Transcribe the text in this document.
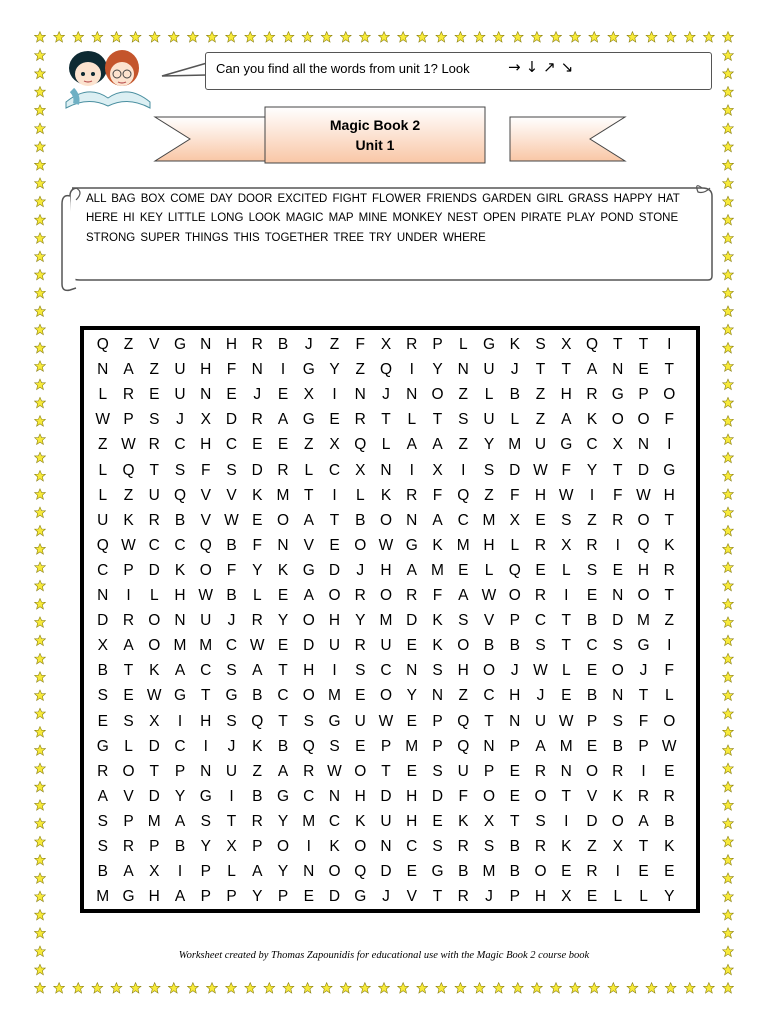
Can you find all the words from unit 1? Look	→↓↗↘
Magic Book 2
Unit 1
ALL BAG BOX COME DAY DOOR EXCITED FIGHT FLOWER FRIENDS GARDEN GIRL GRASS HAPPY HAT HERE HI KEY LITTLE LONG LOOK MAGIC MAP MINE MONKEY NEST OPEN PIRATE PLAY POND STONE STRONG SUPER THINGS THIS TOGETHER TREE TRY UNDER WHERE
Q Z	V G N H R B	J	Z	F	X R P	L G K S X Q T	T	I
N A	Z U H F N	I	G Y	Z Q	I	Y N U	J	T	T	A N E	T
L	R E U N E	J	E X	I	N	J	N O Z	L	B	Z H R G P O
W P S	J	X D R A G E R T	L	T	S U	L	Z	A K O O F
Z W R C H C E E	Z	X Q L	A A	Z	Y M U G C X N	I
L Q T	S	F	S D R	L	C X N	I	X	I	S D W F	Y	T D G
L	Z U Q V V K M T	I	L	K R F Q Z	F H W	I	F W H
U K R B V W E O A	T	B O N A C M X E S	Z R O T
Q W C C Q B	F N V E O W G K M H	L	R X R	I	Q K
C P D K O F	Y K G D	J	H A M E	L Q E	L	S E H R
N	I	L	H W B	L	E A O R O R F	A W O R	I	E N O T
D R O N U	J	R Y O H Y M D K S V P C T	B D M Z
X A O M M C W E D U R U E K O B B S	T C S G	I
B	T	K A C S A	T H	I	S C N S H O	J W L	E O	J	F
S E W G T G B C O M E O Y N Z C H	J	E B N T	L
E S X	I	H S Q T	S G U W E P Q T N U W P S	F O
G L	D C	I	J	K B Q S E P M P Q N P A M E B P W
R O T	P N U Z	A R W O T	E S U P E R N O R	I	E
A V D Y G	I	B G C N H D H D F O E O T	V K R R
S P M A S	T R Y M C K U H E K X	T	S	I	D O A B
S R P B Y X P O	I	K O N C S R S B R K	Z	X	T	K
B A X	I	P	L	A Y N O Q D E G B M B O E R	I	E E
M G H A P P Y P E D G	J	V	T R	J	P H X E	L	L	Y
Worksheet created by Thomas Zapounidis for educational use with the Magic Book 2 course book
